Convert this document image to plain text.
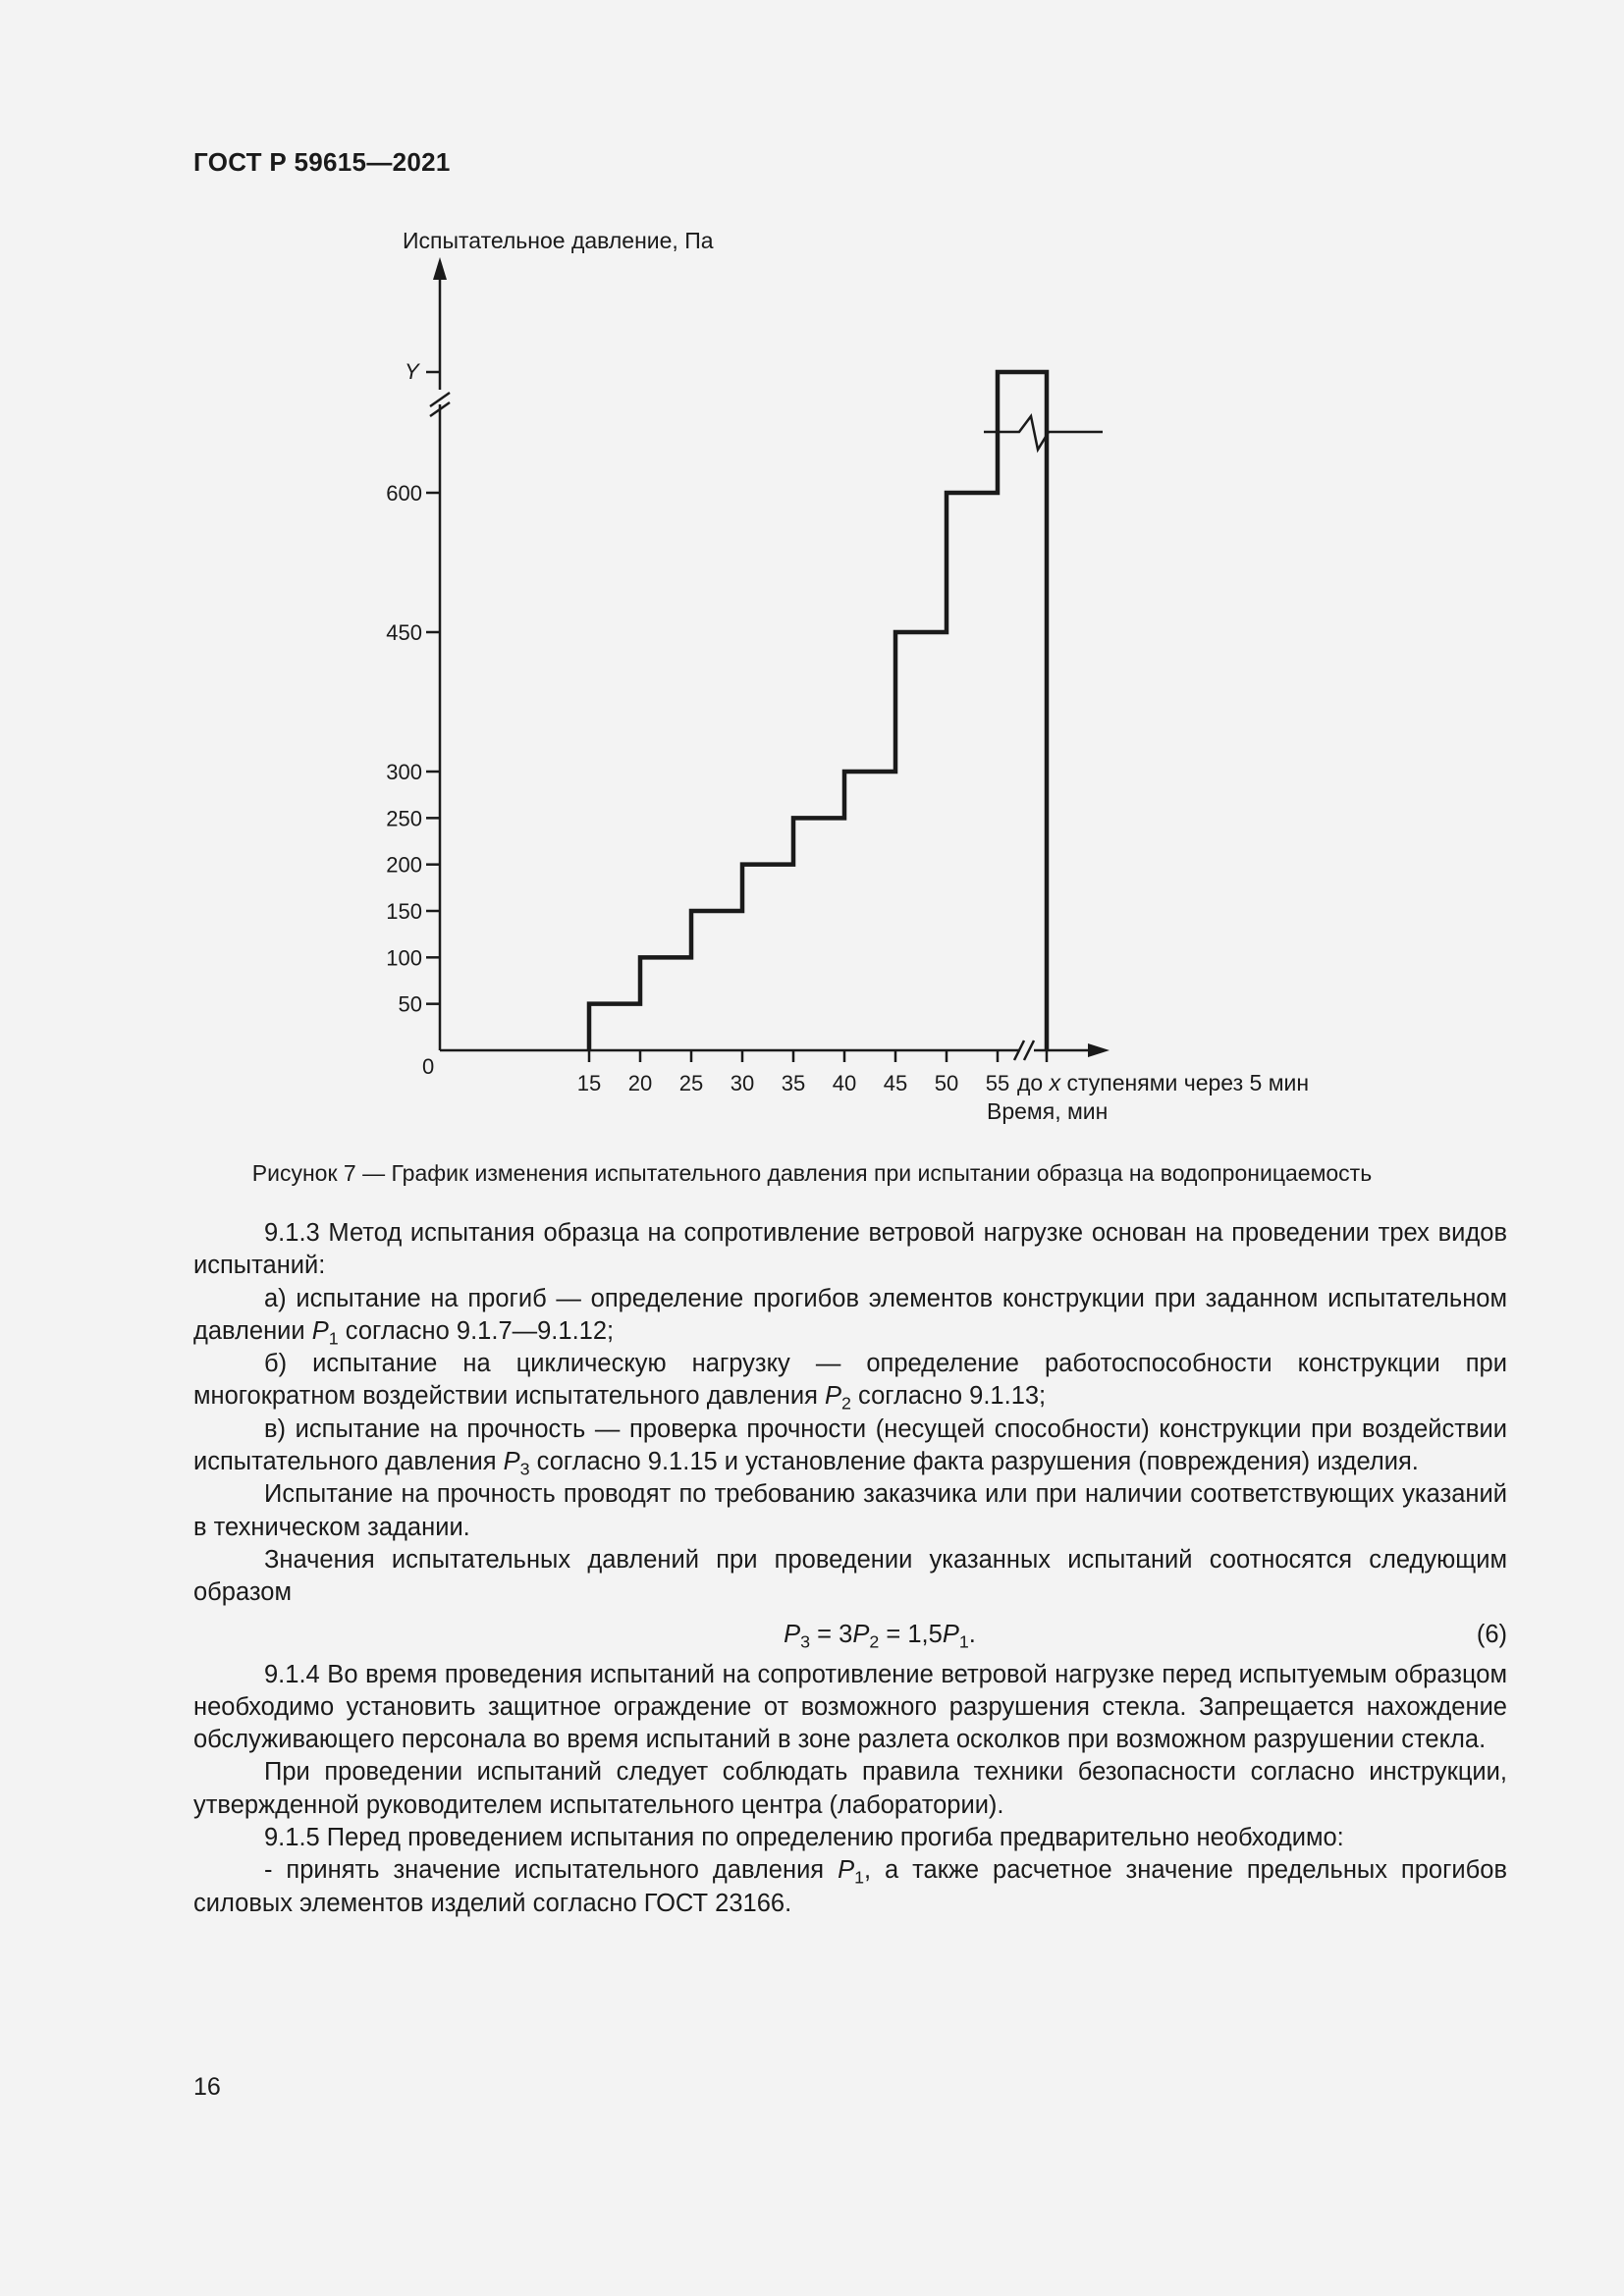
ГОСТ Р 59615—2021
Испытательное давление, Па
0
Y
до x ступенями через 5 мин
Время, мин
50
100
150
200
250
300
450
600
15 20 25 30 35 40 45 50 55
Рисунок 7 — График изменения испытательного давления при испытании образца на водопроницаемость

9.1.3 Метод испытания образца на сопротивление ветровой нагрузке основан на проведении трех видов испытаний:

а) испытание на прогиб — определение прогибов элементов конструкции при заданном испытательном давлении $P_1$ согласно 9.1.7—9.1.12;

б) испытание на циклическую нагрузку — определение работоспособности конструкции при многократном воздействии испытательного давления $P_2$ согласно 9.1.13;

в) испытание на прочность — проверка прочности (несущей способности) конструкции при воздействии испытательного давления $P_3$ согласно 9.1.15 и установление факта разрушения (повреждения) изделия.

Испытание на прочность проводят по требованию заказчика или при наличии соответствующих указаний в техническом задании.

Значения испытательных давлений при проведении указанных испытаний соотносятся следующим образом

$P_3 = 3P_2 = 1,5P_1$.	(6)

9.1.4 Во время проведения испытаний на сопротивление ветровой нагрузке перед испытуемым образцом необходимо установить защитное ограждение от возможного разрушения стекла. Запрещается нахождение обслуживающего персонала во время испытаний в зоне разлета осколков при возможном разрушении стекла.

При проведении испытаний следует соблюдать правила техники безопасности согласно инструкции, утвержденной руководителем испытательного центра (лаборатории).

9.1.5 Перед проведением испытания по определению прогиба предварительно необходимо:

- принять значение испытательного давления $P_1$, а также расчетное значение предельных прогибов силовых элементов изделий согласно ГОСТ 23166.

16
